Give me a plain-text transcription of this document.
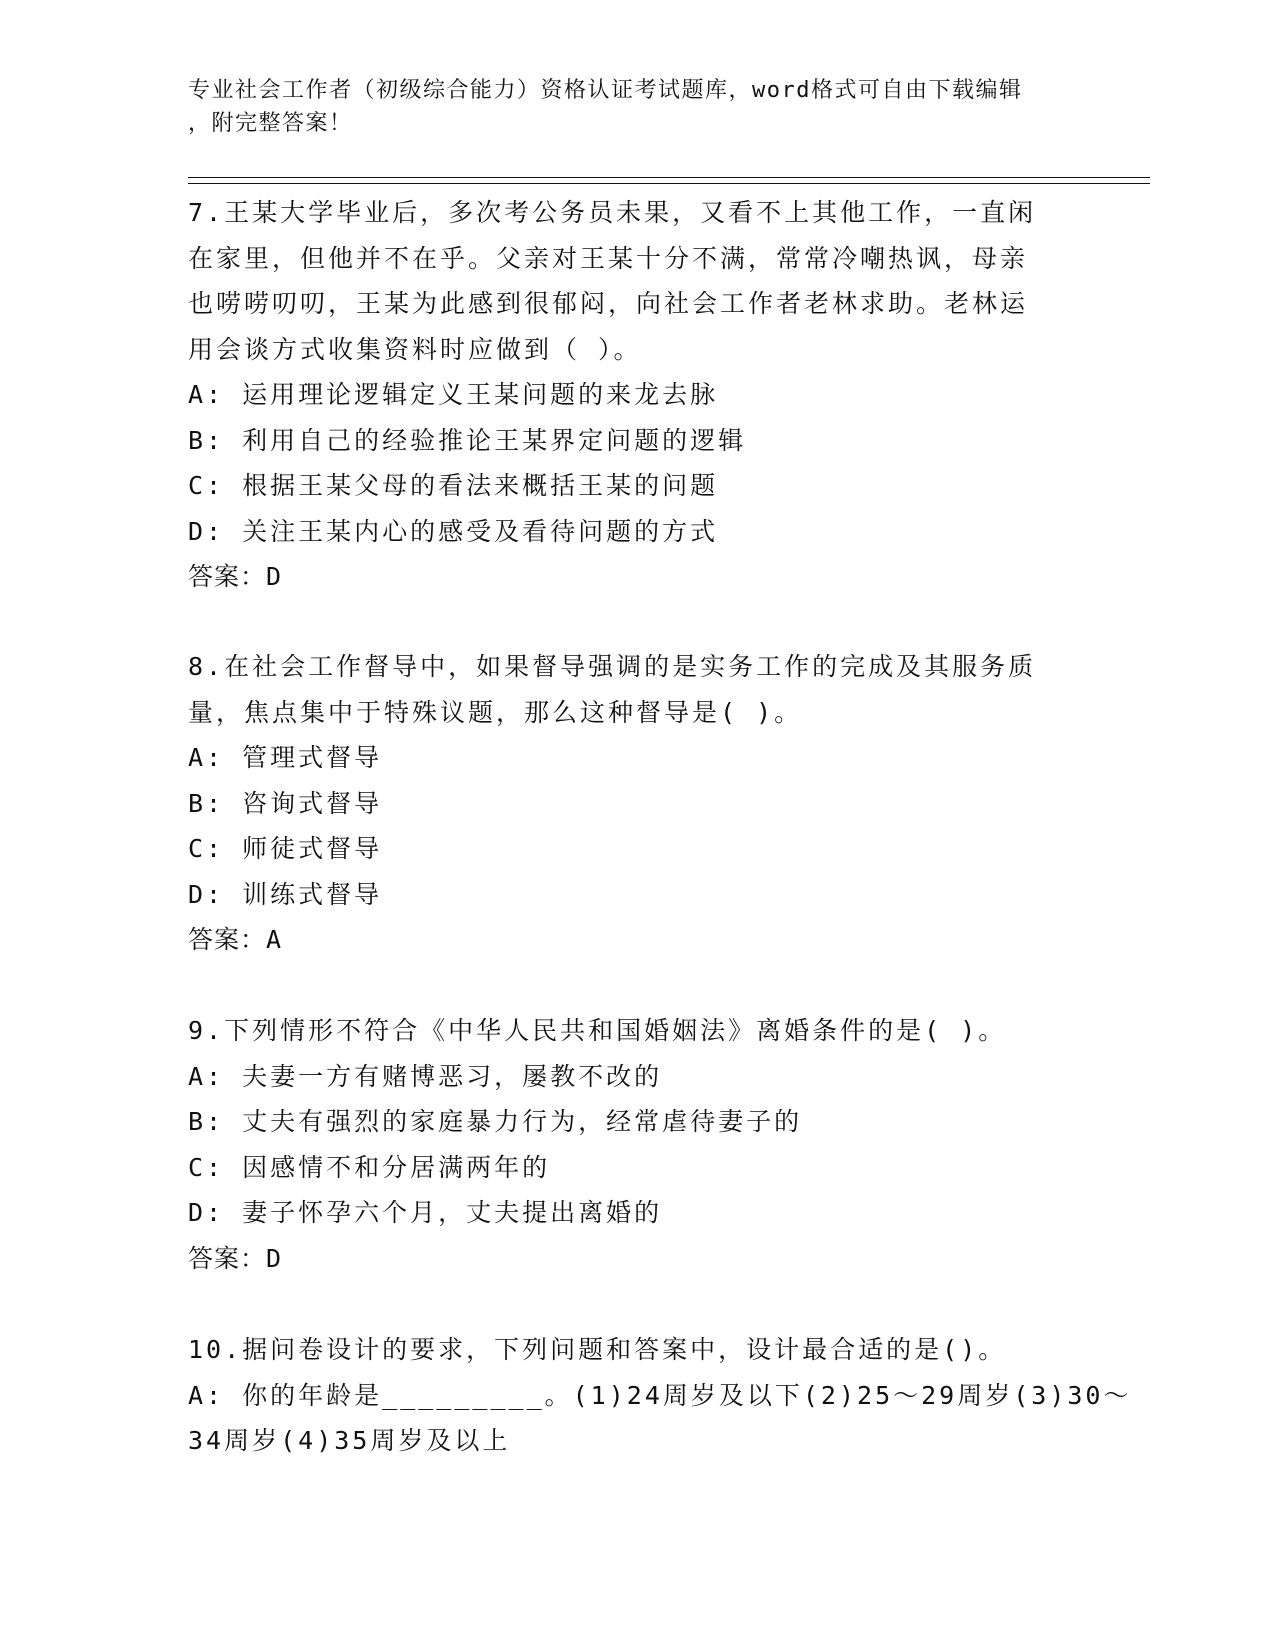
专业社会工作者（初级综合能力）资格认证考试题库，word格式可自由下载编辑
，附完整答案！
7.王某大学毕业后，多次考公务员未果，又看不上其他工作，一直闲
在家里，但他并不在乎。父亲对王某十分不满，常常冷嘲热讽，母亲
也唠唠叨叨，王某为此感到很郁闷，向社会工作者老林求助。老林运
用会谈方式收集资料时应做到（ ）。
A: 运用理论逻辑定义王某问题的来龙去脉
B: 利用自己的经验推论王某界定问题的逻辑
C: 根据王某父母的看法来概括王某的问题
D: 关注王某内心的感受及看待问题的方式
答案：D
8.在社会工作督导中，如果督导强调的是实务工作的完成及其服务质
量，焦点集中于特殊议题，那么这种督导是( )。
A: 管理式督导
B: 咨询式督导
C: 师徒式督导
D: 训练式督导
答案：A
9.下列情形不符合《中华人民共和国婚姻法》离婚条件的是( )。
A: 夫妻一方有赌博恶习，屡教不改的
B: 丈夫有强烈的家庭暴力行为，经常虐待妻子的
C: 因感情不和分居满两年的
D: 妻子怀孕六个月，丈夫提出离婚的
答案：D
10.据问卷设计的要求，下列问题和答案中，设计最合适的是()。
A: 你的年龄是_________。(1)24周岁及以下(2)25～29周岁(3)30～
34周岁(4)35周岁及以上
